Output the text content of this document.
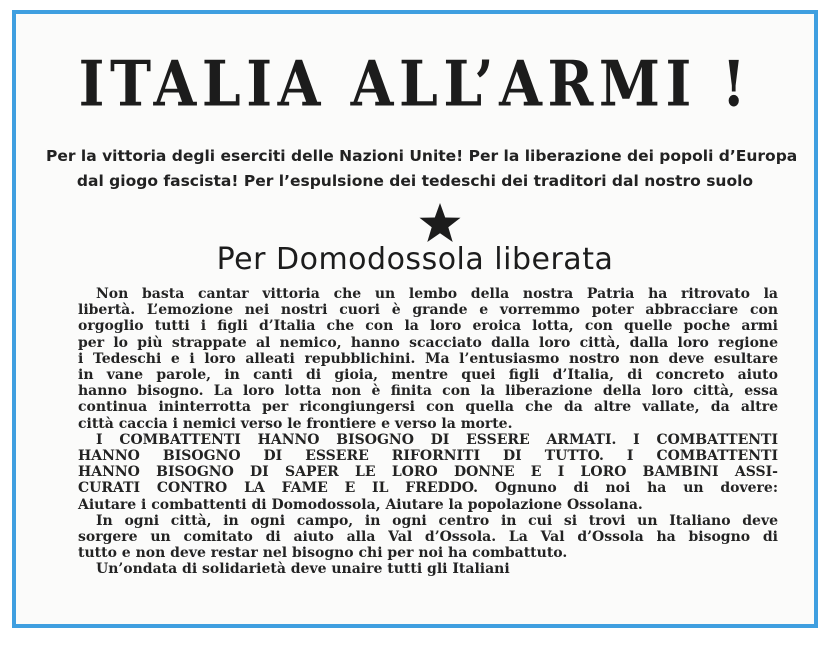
ITALIA ALL’ARMI !
Per la vittoria degli eserciti delle Nazioni Unite! Per la liberazione dei popoli d’Europa
dal giogo fascista! Per l’espulsione dei tedeschi dei traditori dal nostro suolo
Per Domodossola liberata
Non basta cantar vittoria che un lembo della nostra Patria ha ritrovato la
libertà. L’emozione nei nostri cuori è grande e vorremmo poter abbracciare con
orgoglio tutti i figli d’Italia che con la loro eroica lotta, con quelle poche armi
per lo più strappate al nemico, hanno scacciato dalla loro città, dalla loro regione
i Tedeschi e i loro alleati repubblichini. Ma l’entusiasmo nostro non deve esultare
in vane parole, in canti di gioia, mentre quei figli d’Italia, di concreto aiuto
hanno bisogno. La loro lotta non è finita con la liberazione della loro città, essa
continua ininterrotta per ricongiungersi con quella che da altre vallate, da altre
città caccia i nemici verso le frontiere e verso la morte.
I COMBATTENTI HANNO BISOGNO DI ESSERE ARMATI. I COMBATTENTI
HANNO BISOGNO DI ESSERE RIFORNITI DI TUTTO. I COMBATTENTI
HANNO BISOGNO DI SAPER LE LORO DONNE E I LORO BAMBINI ASSI-
CURATI CONTRO LA FAME E IL FREDDO. Ognuno di noi ha un dovere:
Aiutare i combattenti di Domodossola, Aiutare la popolazione Ossolana.
In ogni città, in ogni campo, in ogni centro in cui si trovi un Italiano deve
sorgere un comitato di aiuto alla Val d’Ossola. La Val d’Ossola ha bisogno di
tutto e non deve restar nel bisogno chi per noi ha combattuto.
Un’ondata di solidarietà deve unaire tutti gli Italiani
